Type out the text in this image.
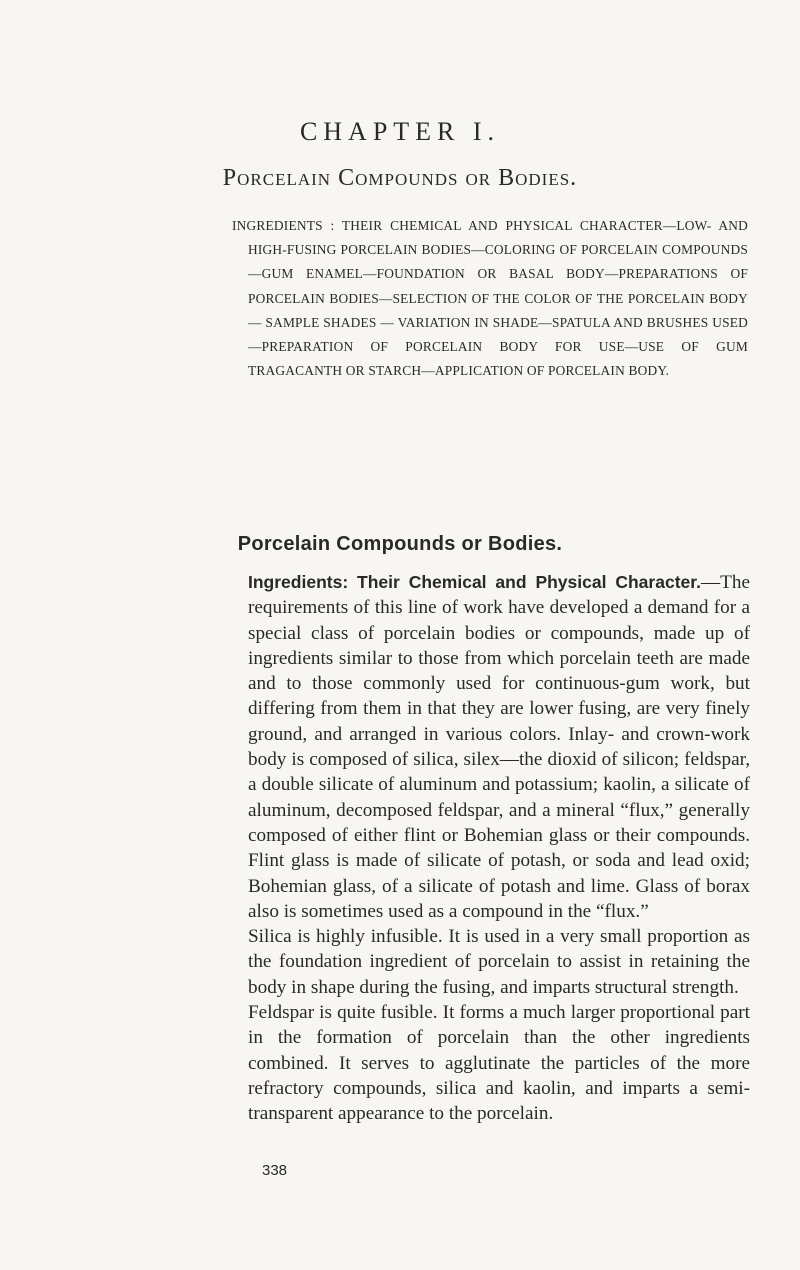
CHAPTER I.
Porcelain Compounds or Bodies.

INGREDIENTS : THEIR CHEMICAL AND PHYSICAL CHARACTER—LOW- AND HIGH-FUSING PORCELAIN BODIES—COLORING OF PORCELAIN COMPOUNDS—GUM ENAMEL—FOUNDATION OR BASAL BODY—PREPARATIONS OF PORCELAIN BODIES—SELECTION OF THE COLOR OF THE PORCELAIN BODY — SAMPLE SHADES — VARIATION IN SHADE—SPATULA AND BRUSHES USED—PREPARATION OF PORCELAIN BODY FOR USE—USE OF GUM TRAGACANTH OR STARCH—APPLICATION OF PORCELAIN BODY.

Porcelain Compounds or Bodies.

Ingredients: Their Chemical and Physical Character.—The requirements of this line of work have developed a demand for a special class of porcelain bodies or compounds, made up of ingredients similar to those from which porcelain teeth are made and to those commonly used for continuous-gum work, but differing from them in that they are lower fusing, are very finely ground, and arranged in various colors. Inlay- and crown-work body is composed of silica, silex—the dioxid of silicon; feldspar, a double silicate of aluminum and potassium; kaolin, a silicate of aluminum, decomposed feldspar, and a mineral “flux,” generally composed of either flint or Bohemian glass or their compounds. Flint glass is made of silicate of potash, or soda and lead oxid; Bohemian glass, of a silicate of potash and lime. Glass of borax also is sometimes used as a compound in the “flux.”

Silica is highly infusible. It is used in a very small proportion as the foundation ingredient of porcelain to assist in retaining the body in shape during the fusing, and imparts structural strength.

Feldspar is quite fusible. It forms a much larger proportional part in the formation of porcelain than the other ingredients combined. It serves to agglutinate the particles of the more refractory compounds, silica and kaolin, and imparts a semi-transparent appearance to the porcelain.

338
